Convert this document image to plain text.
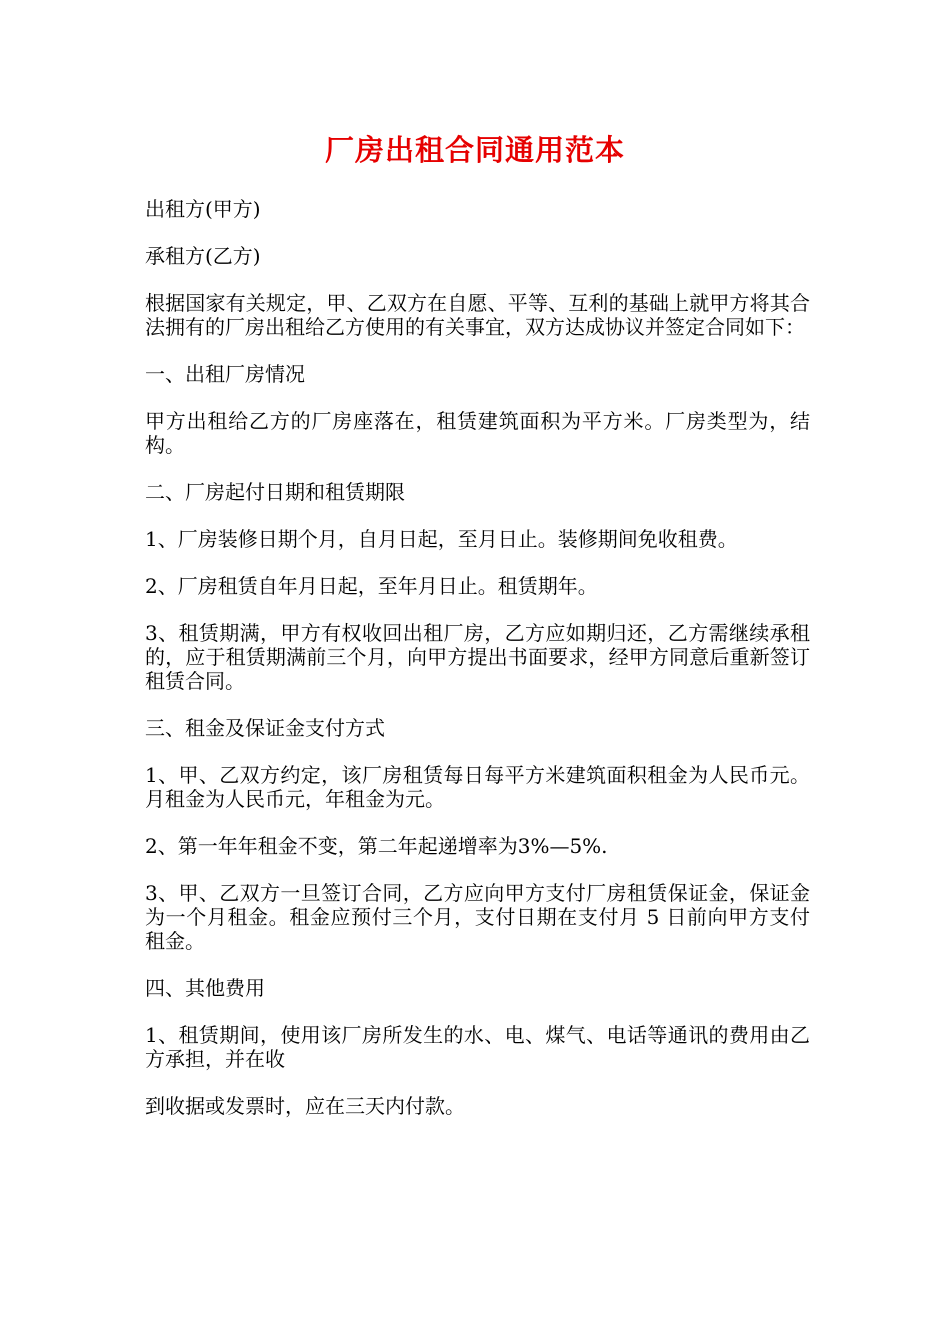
厂房出租合同通用范本

出租方(甲方)

承租方(乙方)

根据国家有关规定，甲、乙双方在自愿、平等、互利的基础上就甲方将其合法拥有的厂房出租给乙方使用的有关事宜，双方达成协议并签定合同如下：

一、出租厂房情况

甲方出租给乙方的厂房座落在，租赁建筑面积为平方米。厂房类型为，结构。

二、厂房起付日期和租赁期限

1、厂房装修日期个月，自月日起，至月日止。装修期间免收租费。

2、厂房租赁自年月日起，至年月日止。租赁期年。

3、租赁期满，甲方有权收回出租厂房，乙方应如期归还，乙方需继续承租的，应于租赁期满前三个月，向甲方提出书面要求，经甲方同意后重新签订租赁合同。

三、租金及保证金支付方式

1、甲、乙双方约定，该厂房租赁每日每平方米建筑面积租金为人民币元。月租金为人民币元，年租金为元。

2、第一年年租金不变，第二年起递增率为3%—5%.

3、甲、乙双方一旦签订合同，乙方应向甲方支付厂房租赁保证金，保证金为一个月租金。租金应预付三个月，支付日期在支付月 5 日前向甲方支付租金。

四、其他费用

1、租赁期间，使用该厂房所发生的水、电、煤气、电话等通讯的费用由乙方承担，并在收

到收据或发票时，应在三天内付款。
